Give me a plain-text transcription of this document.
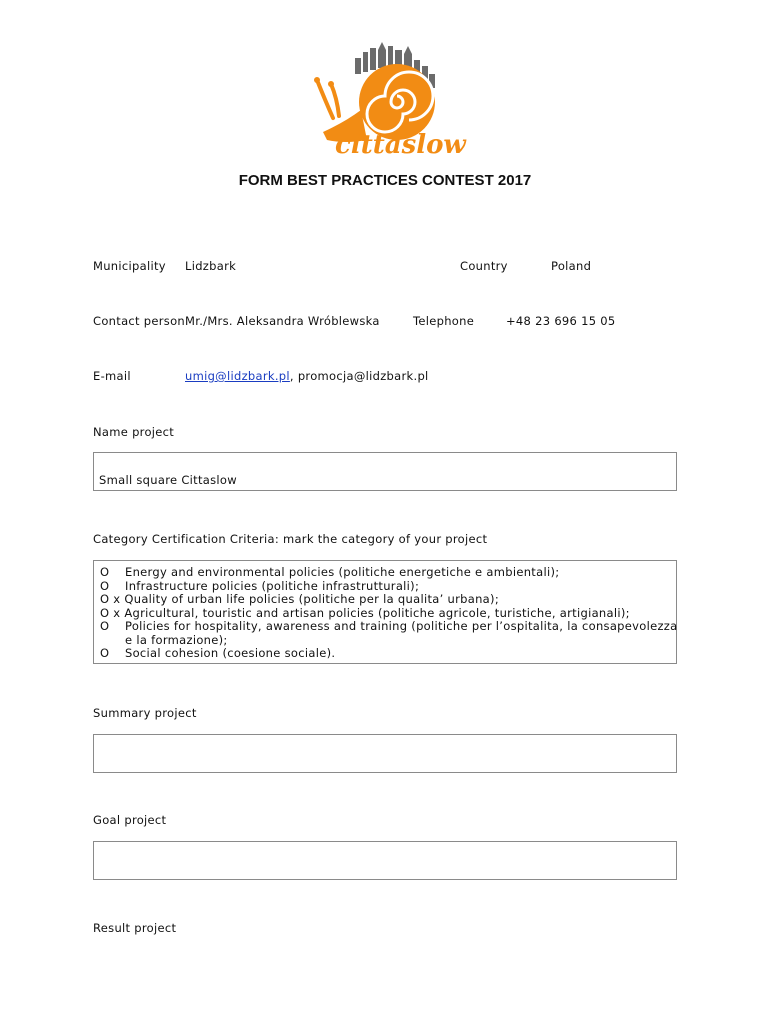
cittaslow
FORM BEST PRACTICES CONTEST 2017
Municipality Lidzbark	Country	Poland
Contact person Mr./Mrs. Aleksandra Wróblewska	Telephone	+48 23 696 15 05
E-mail	umig@lidzbark.pl, promocja@lidzbark.pl
Name project
Small square Cittaslow
Category Certification Criteria: mark the category of your project
O Energy and environmental policies (politiche energetiche e ambientali);
O Infrastructure policies (politiche infrastrutturali);
O x Quality of urban life policies (politiche per la qualita’ urbana);
O x Agricultural, touristic and artisan policies (politiche agricole, turistiche, artigianali);
O Policies for hospitality, awareness and training (politiche per l’ospitalita, la consapevolezza
e la formazione);
O Social cohesion (coesione sociale).
Summary project
Goal project
Result project
